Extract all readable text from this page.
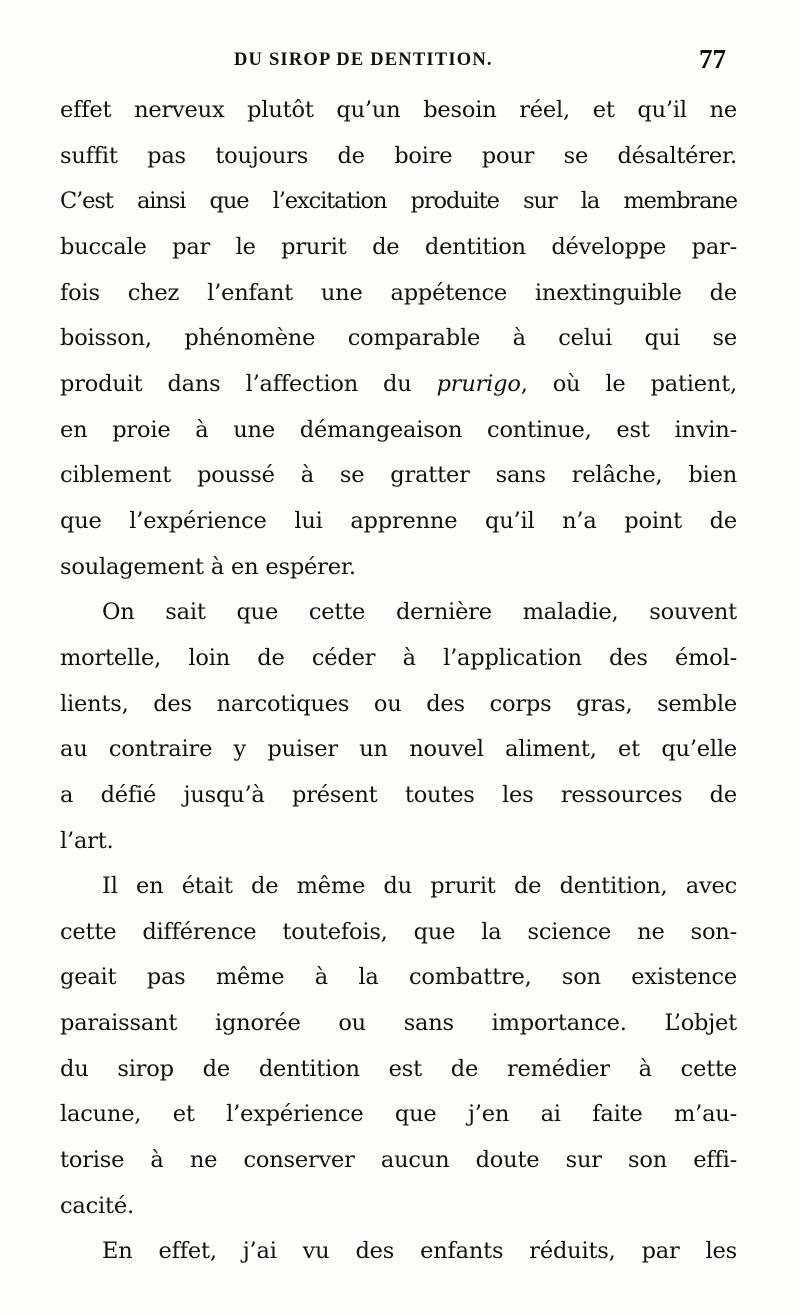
DU SIROP DE DENTITION.	77

effet nerveux plutôt qu’un besoin réel, et qu’il ne
suffit pas toujours de boire pour se désaltérer.
C’est ainsi que l’excitation produite sur la membrane
buccale par le prurit de dentition développe par-
fois chez l’enfant une appétence inextinguible de
boisson, phénomène comparable à celui qui se
produit dans l’affection du prurigo, où le patient,
en proie à une démangeaison continue, est invin-
ciblement poussé à se gratter sans relâche, bien
que l’expérience lui apprenne qu’il n’a point de
soulagement à en espérer.

On sait que cette dernière maladie, souvent
mortelle, loin de céder à l’application des émol-
lients, des narcotiques ou des corps gras, semble
au contraire y puiser un nouvel aliment, et qu’elle
a défié jusqu’à présent toutes les ressources de
l’art.

Il en était de même du prurit de dentition, avec
cette différence toutefois, que la science ne son-
geait pas même à la combattre, son existence
paraissant ignorée ou sans importance. L’objet
du sirop de dentition est de remédier à cette
lacune, et l’expérience que j’en ai faite m’au-
torise à ne conserver aucun doute sur son effi-
cacité.

En effet, j’ai vu des enfants réduits, par les
